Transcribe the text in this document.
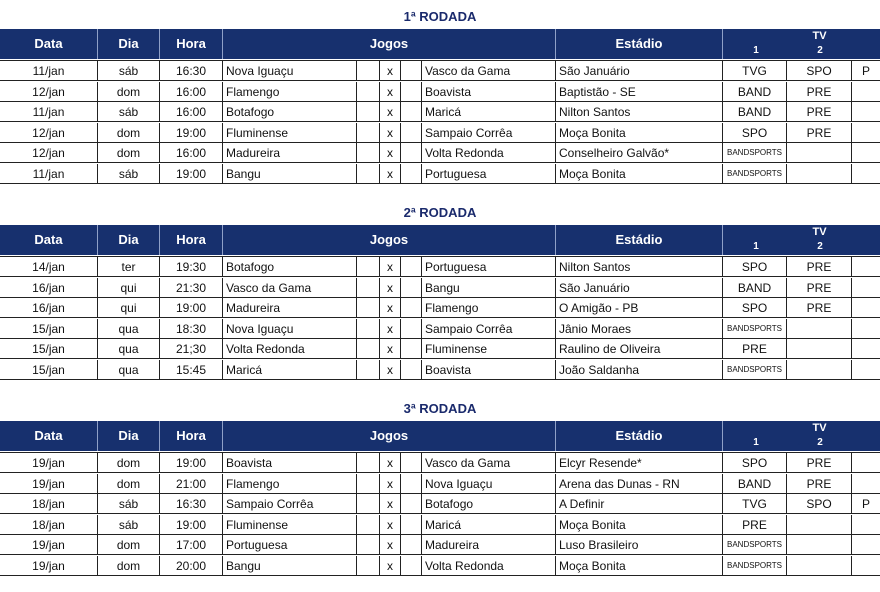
1ª RODADA
Data	Dia	Hora	Jogos	Estádio	TV
1	2
11/jan	sáb	16:30	Nova Iguaçu	x	Vasco da Gama	São Januário	TVG	SPO	P
12/jan	dom	16:00	Flamengo	x	Boavista	Baptistão - SE	BAND	PRE
11/jan	sáb	16:00	Botafogo	x	Maricá	Nilton Santos	BAND	PRE
12/jan	dom	19:00	Fluminense	x	Sampaio Corrêa	Moça Bonita	SPO	PRE
12/jan	dom	16:00	Madureira	x	Volta Redonda	Conselheiro Galvão*	BANDSPORTS
11/jan	sáb	19:00	Bangu	x	Portuguesa	Moça Bonita	BANDSPORTS
2ª RODADA
Data	Dia	Hora	Jogos	Estádio	TV
1	2
14/jan	ter	19:30	Botafogo	x	Portuguesa	Nilton Santos	SPO	PRE
16/jan	qui	21:30	Vasco da Gama	x	Bangu	São Januário	BAND	PRE
16/jan	qui	19:00	Madureira	x	Flamengo	O Amigão - PB	SPO	PRE
15/jan	qua	18:30	Nova Iguaçu	x	Sampaio Corrêa	Jânio Moraes	BANDSPORTS
15/jan	qua	21;30	Volta Redonda	x	Fluminense	Raulino de Oliveira	PRE
15/jan	qua	15:45	Maricá	x	Boavista	João Saldanha	BANDSPORTS
3ª RODADA
Data	Dia	Hora	Jogos	Estádio	TV
1	2
19/jan	dom	19:00	Boavista	x	Vasco da Gama	Elcyr Resende*	SPO	PRE
19/jan	dom	21:00	Flamengo	x	Nova Iguaçu	Arena das Dunas - RN	BAND	PRE
18/jan	sáb	16:30	Sampaio Corrêa	x	Botafogo	A Definir	TVG	SPO	P
18/jan	sáb	19:00	Fluminense	x	Maricá	Moça Bonita	PRE
19/jan	dom	17:00	Portuguesa	x	Madureira	Luso Brasileiro	BANDSPORTS
19/jan	dom	20:00	Bangu	x	Volta Redonda	Moça Bonita	BANDSPORTS
